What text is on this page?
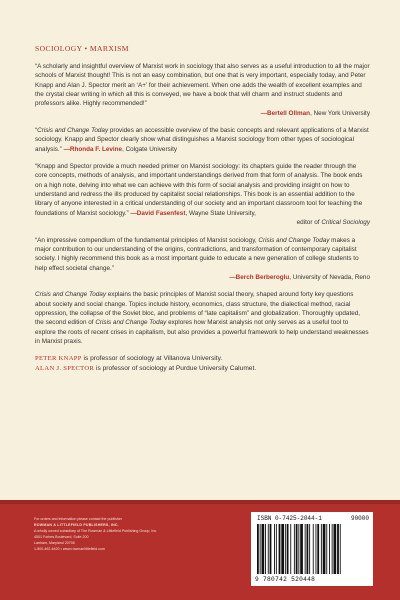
SOCIOLOGY • MARXISM

“A scholarly and insightful overview of Marxist work in sociology that also serves as a useful introduction to all the major schools of Marxist thought! This is not an easy combination, but one that is very important, especially today, and Peter Knapp and Alan J. Spector merit an ‘A+’ for their achievement. When one adds the wealth of excellent examples and the crystal clear writing in which all this is conveyed, we have a book that will charm and instruct students and professors alike. Highly recommended!”

—Bertell Ollman, New York University

“Crisis and Change Today provides an accessible overview of the basic concepts and relevant applications of a Marxist sociology. Knapp and Spector clearly show what distinguishes a Marxist sociology from other types of sociological analysis.” —Rhonda F. Levine, Colgate University

“Knapp and Spector provide a much needed primer on Marxist sociology: its chapters guide the reader through the core concepts, methods of analysis, and important understandings derived from that form of analysis. The book ends on a high note, delving into what we can achieve with this form of social analysis and providing insight on how to understand and redress the ills produced by capitalist social relationships. This book is an essential addition to the library of anyone interested in a critical understanding of our society and an important classroom tool for teaching the foundations of Marxist sociology.” —David Fasenfest, Wayne State University,

editor of Critical Sociology

“An impressive compendium of the fundamental principles of Marxist sociology, Crisis and Change Today makes a major contribution to our understanding of the origins, contradictions, and transformation of contemporary capitalist society. I highly recommend this book as a most important guide to educate a new generation of college students to help effect societal change.”

—Berch Berberoglu, University of Nevada, Reno

Crisis and Change Today explains the basic principles of Marxist social theory, shaped around forty key questions about society and social change. Topics include history, economics, class structure, the dialectical method, racial oppression, the collapse of the Soviet bloc, and problems of “late capitalism” and globalization. Thoroughly updated, the second edition of Crisis and Change Today explores how Marxist analysis not only serves as a useful tool to explore the roots of recent crises in capitalism, but also provides a powerful framework to help understand weaknesses in Marxist praxis.

PETER KNAPP is professor of sociology at Villanova University.

ALAN J. SPECTOR is professor of sociology at Purdue University Calumet.

For orders and information please contact the publisher
ROWMAN & LITTLEFIELD PUBLISHERS, INC.
A wholly owned subsidiary of The Rowman & Littlefield Publishing Group, Inc.
4501 Forbes Boulevard, Suite 200
Lanham, Maryland 20706
1-800-462-6420 • www.rowmanlittlefield.com
ISBN 0-7425-2044-1	90000
9 780742 520448
